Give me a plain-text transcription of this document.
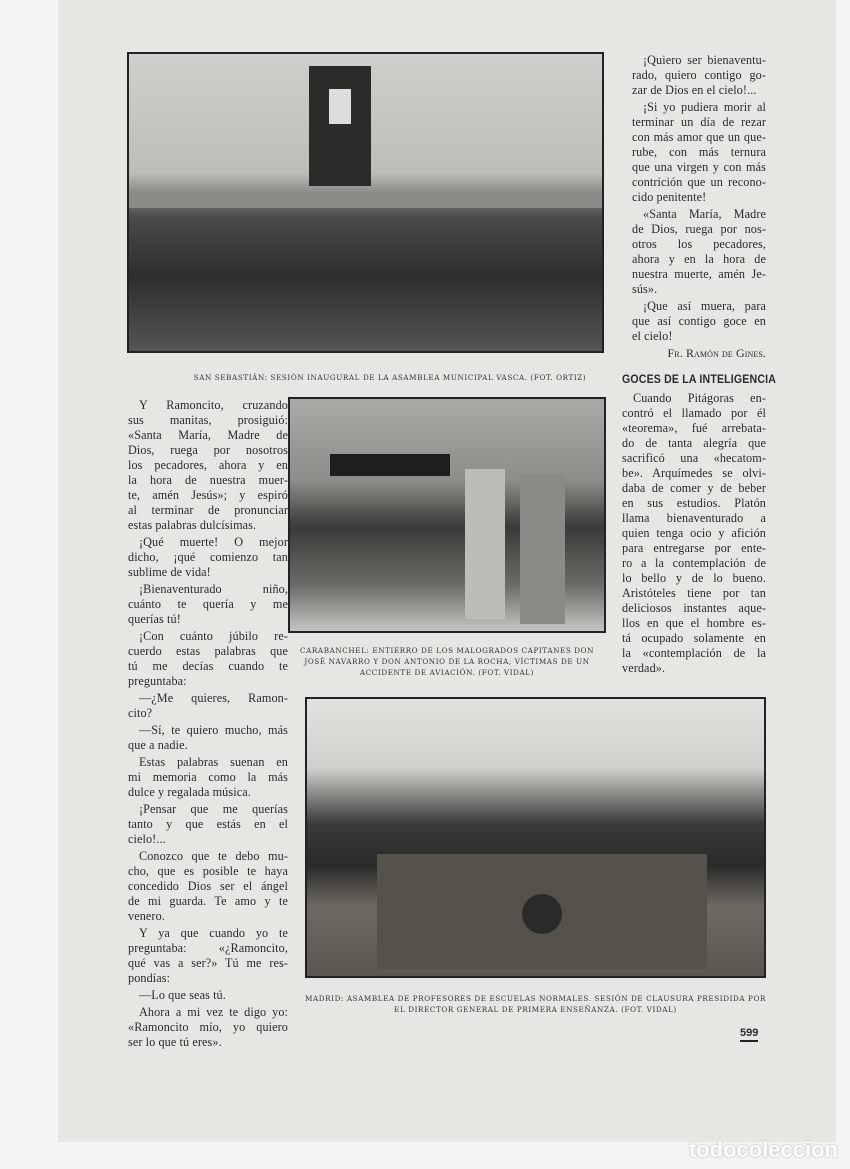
SAN SEBASTIÁN: SESIÓN INAUGURAL DE LA ASAMBLEA MUNICIPAL VASCA. (FOT. ORTIZ)
CARABANCHEL: ENTIERRO DE LOS MALOGRADOS CAPITANES DON JOSÉ NAVARRO Y DON ANTONIO DE LA ROCHA, VÍCTIMAS DE UN ACCIDENTE DE AVIACIÓN. (FOT. VIDAL)
MADRID: ASAMBLEA DE PROFESORES DE ESCUELAS NORMALES. SESIÓN DE CLAUSURA PRESIDIDA POR EL DIRECTOR GENERAL DE PRIMERA ENSEÑANZA. (FOT. VIDAL)
¡Quiero ser bienaventu-
rado, quiero contigo go-
zar de Dios en el cielo!...
¡Si yo pudiera morir al
terminar un día de rezar
con más amor que un que-
rube, con más ternura
que una virgen y con más
contrición que un recono-
cido penitente!
«Santa María, Madre
de Dios, ruega por nos-
otros los pecadores,
ahora y en la hora de
nuestra muerte, amén Je-
sús».
¡Que así muera, para
que así contigo goce en
el cielo!
Fr. Ramón de Gines.
GOCES DE LA INTELIGENCIA
Cuando Pitágoras en-
contró el llamado por él
«teorema», fué arrebata-
do de tanta alegría que
sacrificó una «hecatom-
be». Arquímedes se olvi-
daba de comer y de beber
en sus estudios. Platón
llama bienaventurado a
quien tenga ocio y afición
para entregarse por ente-
ro a la contemplación de
lo bello y de lo bueno.
Aristóteles tiene por tan
deliciosos instantes aque-
llos en que el hombre es-
tá ocupado solamente en
la «contemplación de la
verdad».
Y Ramoncito, cruzando
sus manitas, prosiguió:
«Santa María, Madre de
Dios, ruega por nosotros
los pecadores, ahora y en
la hora de nuestra muer-
te, amén Jesús»; y espiró
al terminar de pronunciar
estas palabras dulcísimas.
¡Qué muerte! O mejor
dicho, ¡qué comienzo tan
sublime de vida!
¡Bienaventurado niño,
cuánto te quería y me
querías tú!
¡Con cuánto júbilo re-
cuerdo estas palabras que
tú me decías cuando te
preguntaba:
—¿Me quieres, Ramon-
cito?
—Sí, te quiero mucho, más
que a nadie.
Estas palabras suenan en
mi memoria como la más
dulce y regalada música.
¡Pensar que me querías
tanto y que estás en el
cielo!...
Conozco que te debo mu-
cho, que es posible te haya
concedido Dios ser el ángel
de mi guarda. Te amo y te
venero.
Y ya que cuando yo te
preguntaba: «¿Ramoncito,
qué vas a ser?» Tú me res-
pondías:
—Lo que seas tú.
Ahora a mi vez te digo yo:
«Ramoncito mío, yo quiero
ser lo que tú eres».
599
todocoleccion
